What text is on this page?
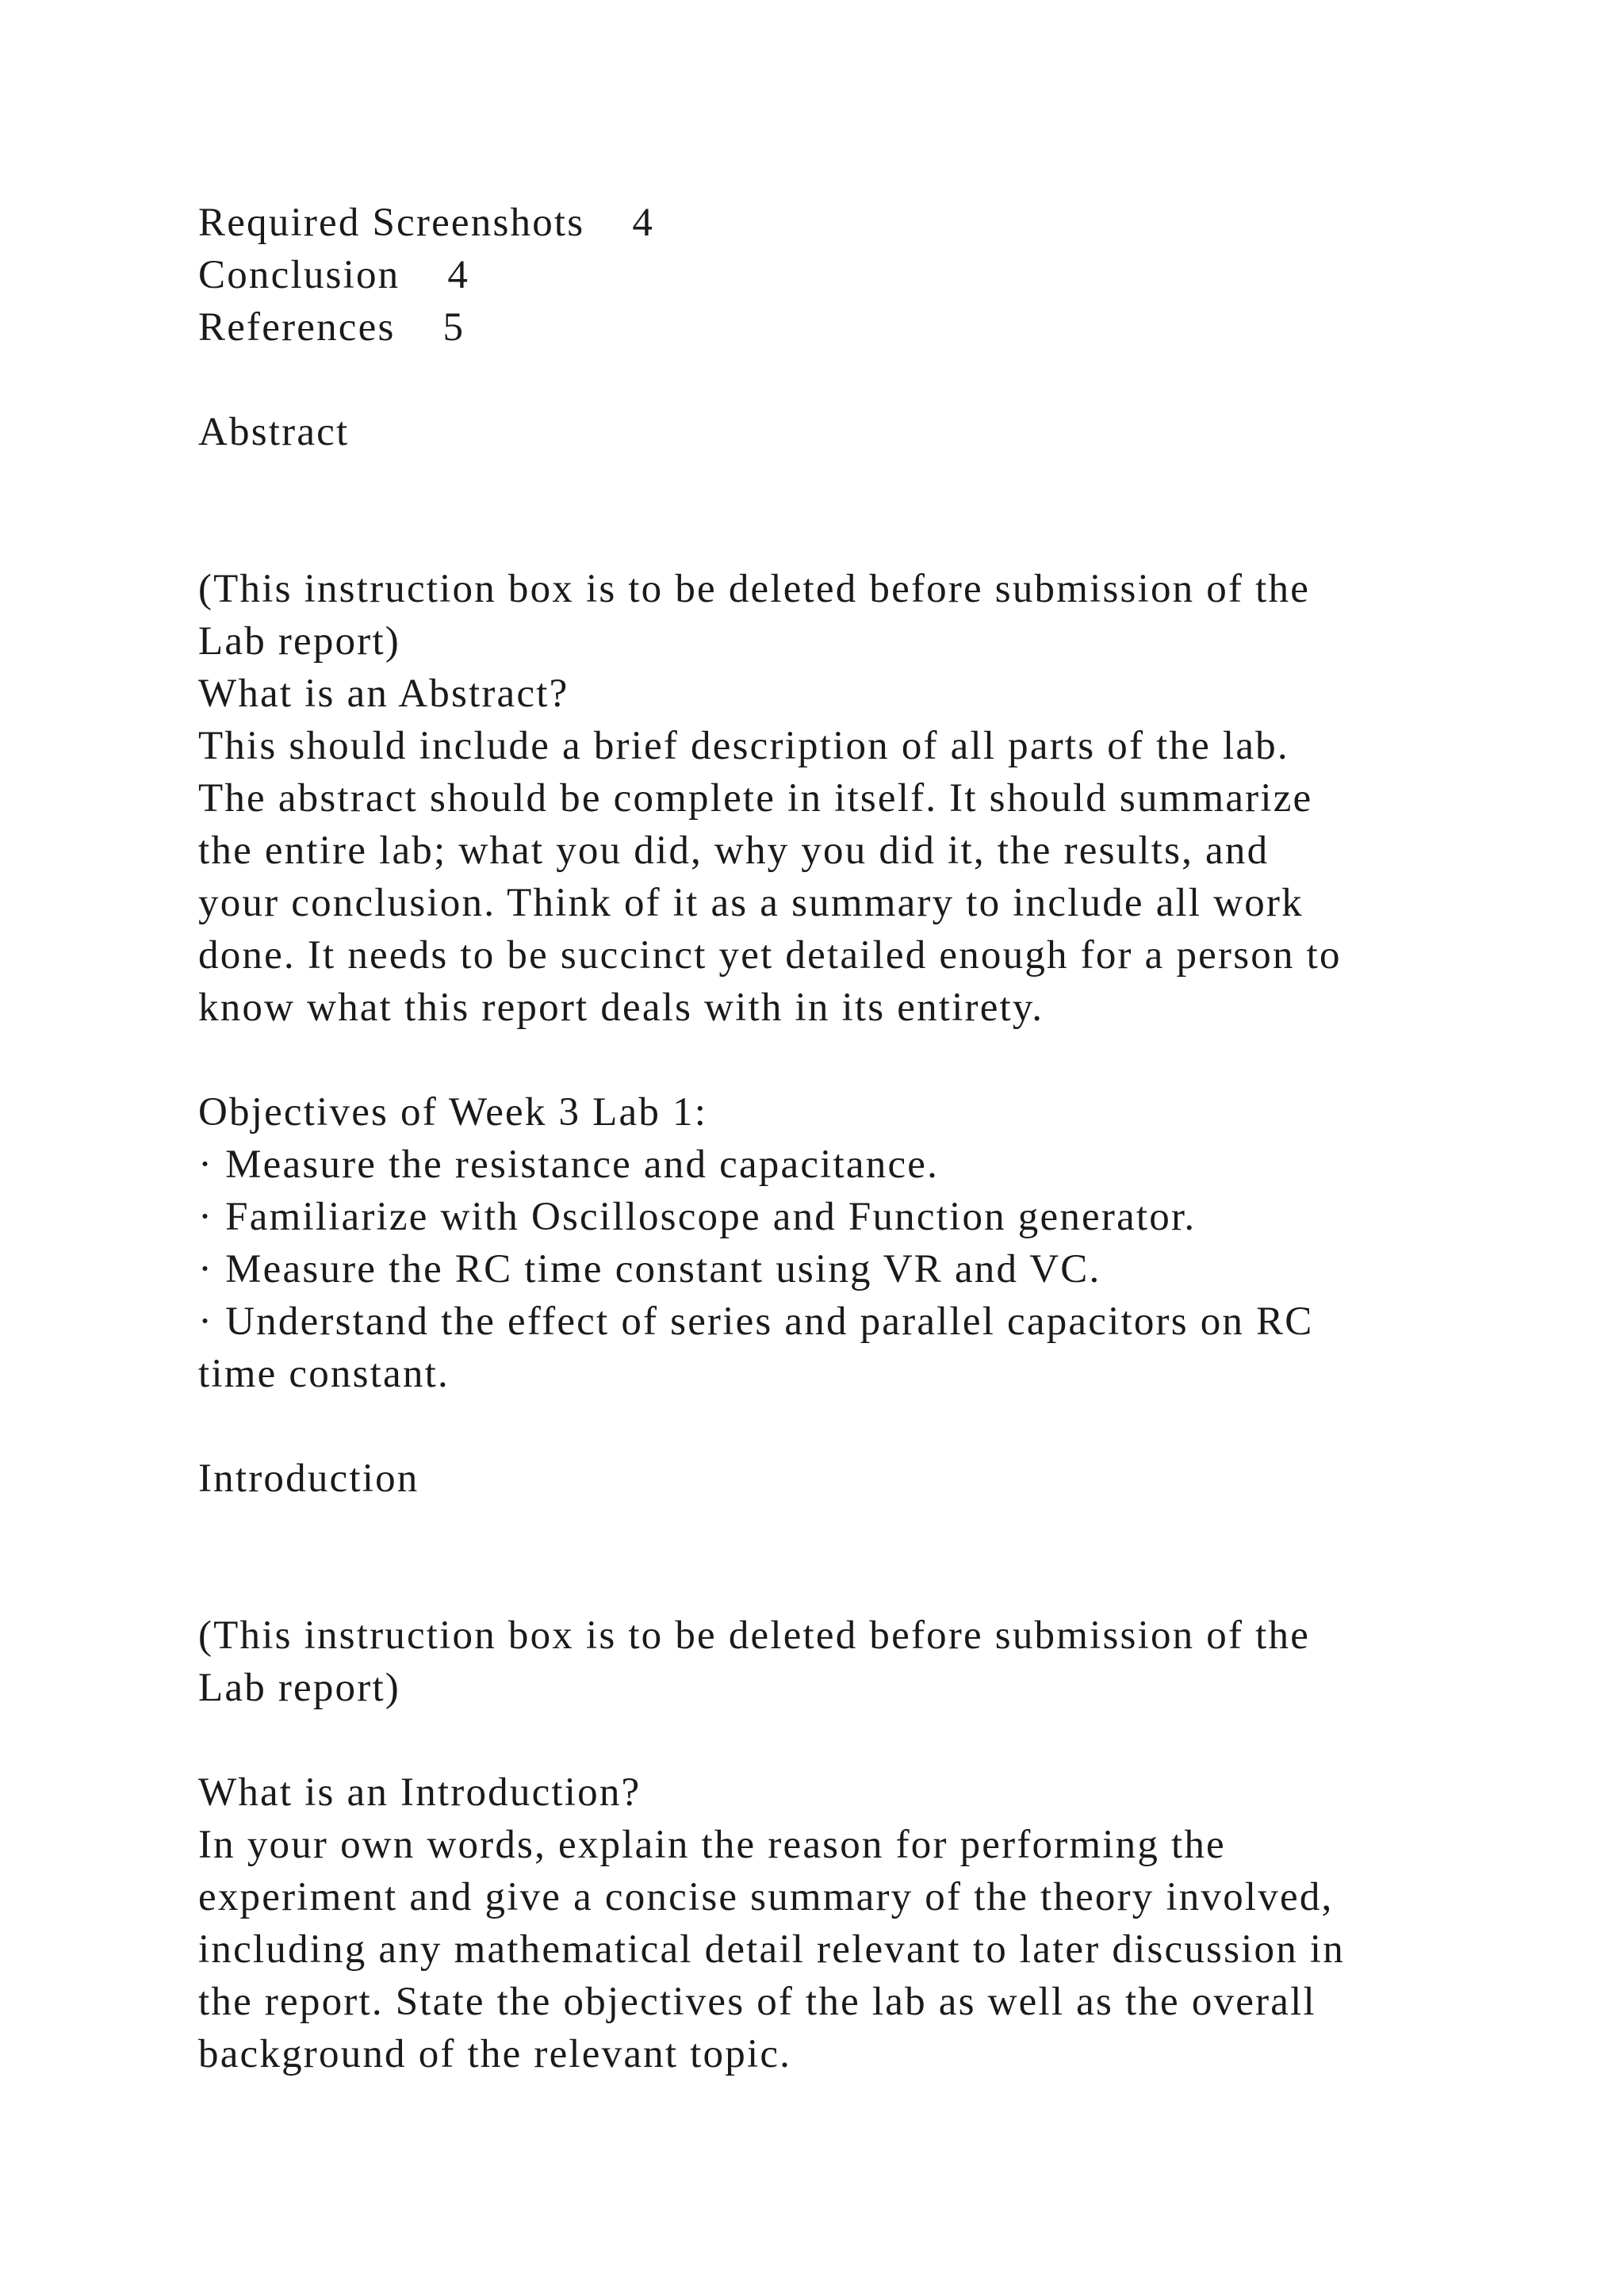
Required Screenshots 4
Conclusion 4
References 5
Abstract
(This instruction box is to be deleted before submission of the
Lab report)
What is an Abstract?
This should include a brief description of all parts of the lab.
The abstract should be complete in itself. It should summarize
the entire lab; what you did, why you did it, the results, and
your conclusion. Think of it as a summary to include all work
done. It needs to be succinct yet detailed enough for a person to
know what this report deals with in its entirety.
Objectives of Week 3 Lab 1:
· Measure the resistance and capacitance.
· Familiarize with Oscilloscope and Function generator.
· Measure the RC time constant using VR and VC.
· Understand the effect of series and parallel capacitors on RC
time constant.
Introduction
(This instruction box is to be deleted before submission of the
Lab report)
What is an Introduction?
In your own words, explain the reason for performing the
experiment and give a concise summary of the theory involved,
including any mathematical detail relevant to later discussion in
the report. State the objectives of the lab as well as the overall
background of the relevant topic.
